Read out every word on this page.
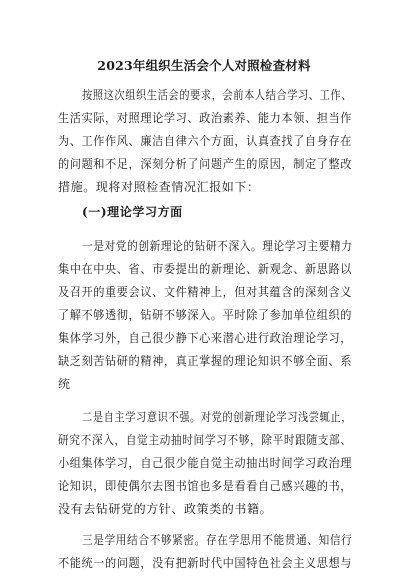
2023年组织生活会个人对照检查材料
按照这次组织生活会的要求，会前本人结合学习、工作、
生活实际，对照理论学习、政治素养、能力本领、担当作
为、工作作风、廉洁自律六个方面，认真查找了自身存在
的问题和不足，深刻分析了问题产生的原因，制定了整改
措施。现将对照检查情况汇报如下：
(一)理论学习方面
一是对党的创新理论的钻研不深入。理论学习主要精力
集中在中央、省、市委提出的新理论、新观念、新思路以
及召开的重要会议、文件精神上，但对其蕴含的深刻含义
了解不够透彻，钻研不够深入。平时除了参加单位组织的
集体学习外，自己很少静下心来潜心进行政治理论学习，
缺乏刻苦钻研的精神，真正掌握的理论知识不够全面、系
统
二是自主学习意识不强。对党的创新理论学习浅尝辄止，
研究不深入，自觉主动抽时间学习不够，除平时跟随支部、
小组集体学习，自己很少能自觉主动抽出时间学习政治理
论知识，即使偶尔去图书馆也多是看看自己感兴趣的书，
没有去钻研党的方针、政策类的书籍。
三是学用结合不够紧密。存在学思用不能贯通、知信行
不能统一的问题，没有把新时代中国特色社会主义思想与
